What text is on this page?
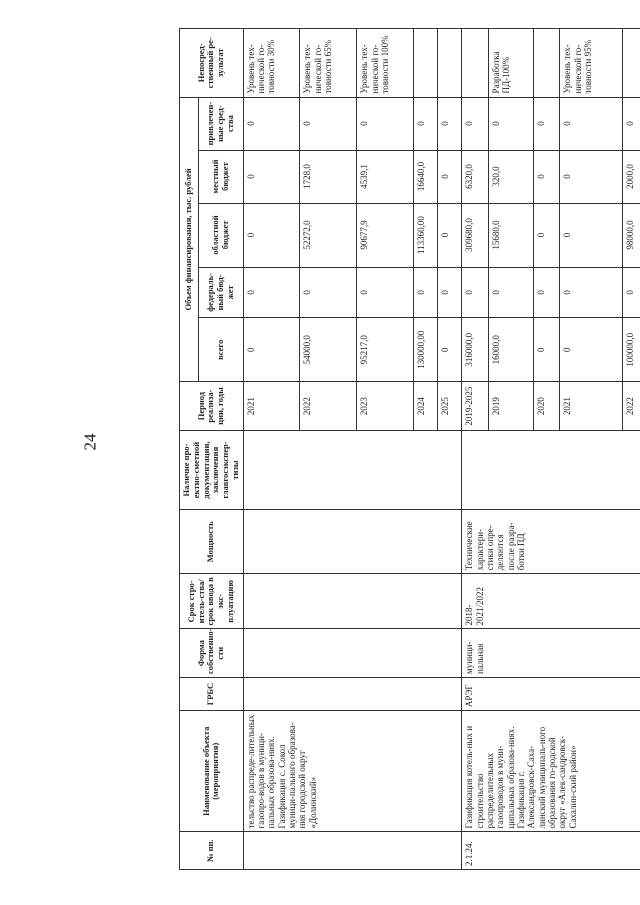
24
№ пп.	Наименование объекта (мероприятия)	ГРБС	Форма собственно-сти	Срок стро-итель-ства/срок ввода в экс-плуатацию	Мощность	Наличие про-ектно-сметной документации, заключения главгосэкспер-тизы	Период реализа-ции, годы	Объем финансирования, тыс. рублей					Непосред-ственный ре-зультат
								всего	федераль-ный бюд-жет	областной бюджет	местный бюджет	привлечен-ные сред-ства	
	тельство распреде-лительных газопро-водов в муници-пальных образова-ниях. Газификация с. Сокол муници-пального образова-ния городской округ «Долинский»						2021	0	0	0	0	0	Уровень тех-нической го-товности 30%
							2022	54000,0	0	52272,0	1728,0	0	Уровень тех-нической го-товности 65%
							2023	95217,0	0	90677,9	4539,1	0	Уровень тех-нической го-товности 100%
							2024	130000,00	0	113360,00	16640,0	0	
							2025	0	0	0	0	0	
2.1.24.	Газификация котель-ных и строительство распределительных газопроводов в муни-ципальных образова-ниях. Газификация г. Александровск-Саха-линский муниципаль-ного образования го-родской округ «Алек-сандровск-Сахалин-ский район»	АРЭГ	муници-пальная	2018-2021/2022	Технические характери-стики опре-деляются после разра-ботки ПД		2019-2025	316000,0	0	309680,0	6320,0	0	
							2019	16000,0	0	15680,0	320,0	0	Разработка ПД-100%
							2020	0	0	0	0	0	
							2021	0	0	0	0	0	Уровень тех-нической го-товности 95%
							2022	100000,0	0	98000,0	2000,0	0	
